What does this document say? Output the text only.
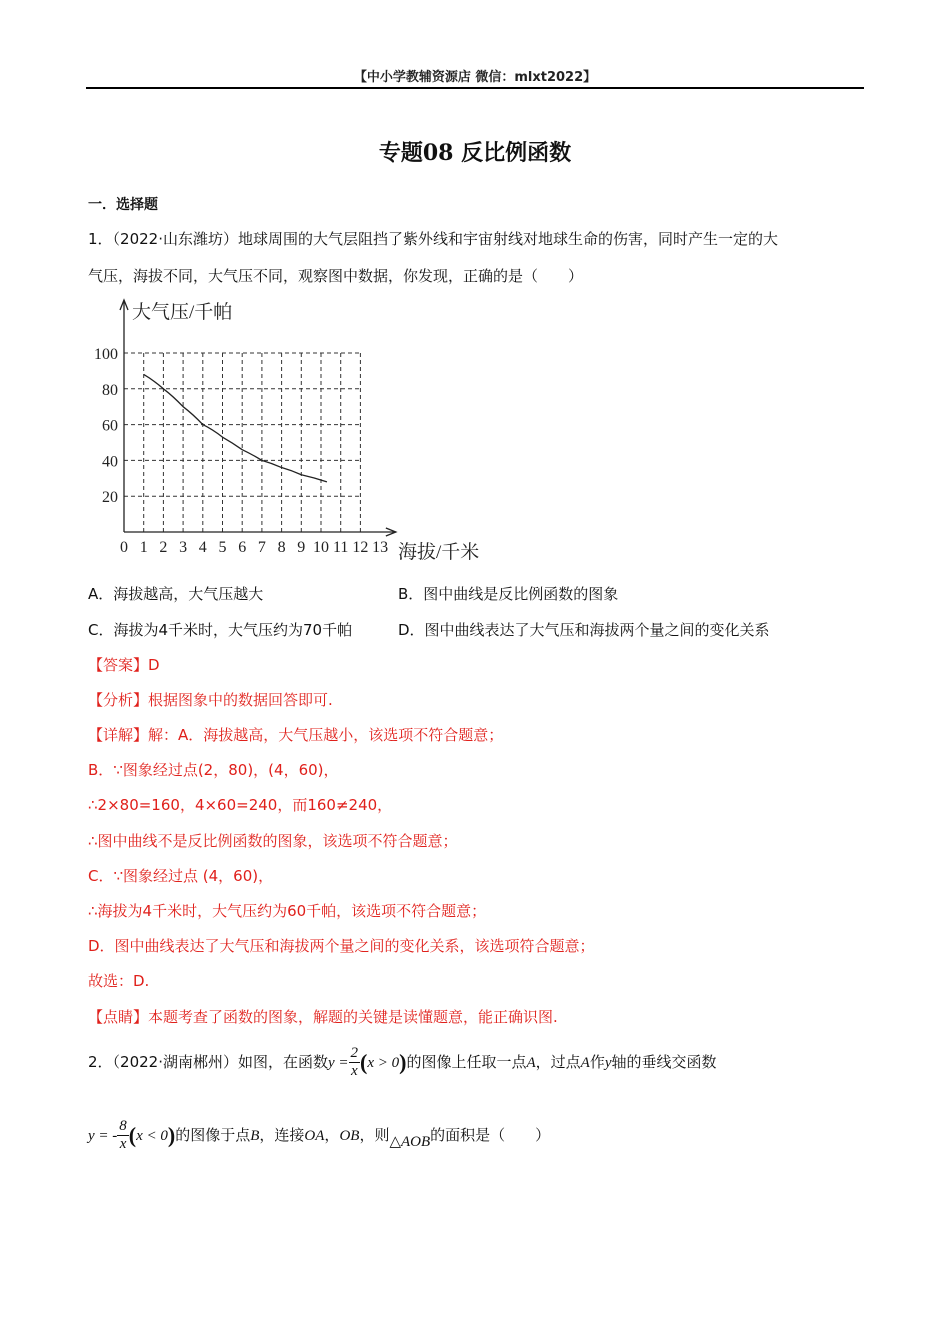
【中小学教辅资源店 微信：mlxt2022】
专题08 反比例函数
一．选择题
1．（2022·山东潍坊）地球周围的大气层阻挡了紫外线和宇宙射线对地球生命的伤害，同时产生一定的大
气压，海拔不同，大气压不同，观察图中数据，你发现，正确的是（　　）
0 1 2 3 4 5 6 7 8 9 10 11 12 13
20
40
60
80
100
大气压/千帕
海拔/千米
A．海拔越高，大气压越大	B．图中曲线是反比例函数的图象
C．海拔为4千米时，大气压约为70千帕	D．图中曲线表达了大气压和海拔两个量之间的变化关系
【答案】D
【分析】根据图象中的数据回答即可.
【详解】解：A．海拔越高，大气压越小，该选项不符合题意；
B．∵图象经过点(2，80)，(4，60)，
∴2×80=160，4×60=240，而160≠240，
∴图中曲线不是反比例函数的图象，该选项不符合题意；
C．∵图象经过点 (4，60)，
∴海拔为4千米时，大气压约为60千帕，该选项不符合题意；
D．图中曲线表达了大气压和海拔两个量之间的变化关系，该选项符合题意；
故选：D.
【点睛】本题考查了函数的图象，解题的关键是读懂题意，能正确识图.
2．（2022·湖南郴州）如图，在函数$y = \frac{2}{x} (x > 0)$的图像上任取一点A，过点A作y轴的垂线交函数
y = - $\frac{8}{x} (x < 0)$的图像于点B，连接OA，OB，则△AOB的面积是（　　）
